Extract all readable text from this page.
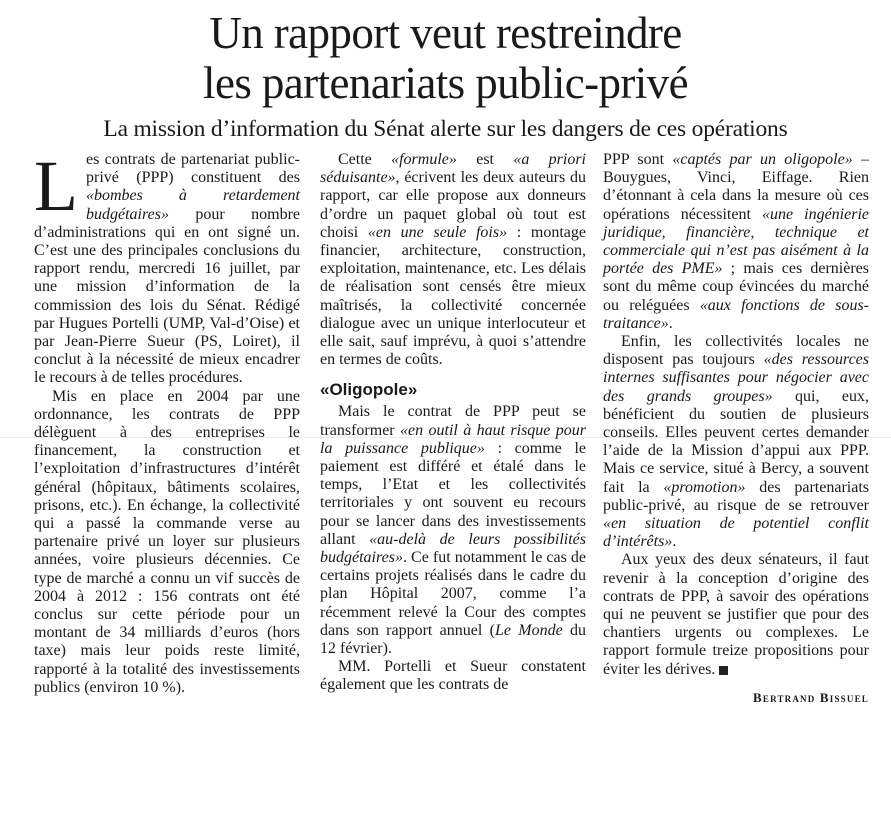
Un rapport veut restreindre
les partenariats public-privé
La mission d’information du Sénat alerte sur les dangers de ces opérations

Les contrats de partenariat public-privé (PPP) constituent des «bombes à retardement budgétaires» pour nombre d’administrations qui en ont signé un. C’est une des principales conclusions du rapport rendu, mercredi 16 juillet, par une mission d’information de la commission des lois du Sénat. Rédigé par Hugues Portelli (UMP, Val-d’Oise) et par Jean-Pierre Sueur (PS, Loiret), il conclut à la nécessité de mieux encadrer le recours à de telles procédures.

Mis en place en 2004 par une ordonnance, les contrats de PPP délèguent à des entreprises le financement, la construction et l’exploitation d’infrastructures d’intérêt général (hôpitaux, bâtiments scolaires, prisons, etc.). En échange, la collectivité qui a passé la commande verse au partenaire privé un loyer sur plusieurs années, voire plusieurs décennies. Ce type de marché a connu un vif succès de 2004 à 2012 : 156 contrats ont été conclus sur cette période pour un montant de 34 milliards d’euros (hors taxe) mais leur poids reste limité, rapporté à la totalité des investissements publics (environ 10 %).

Cette «formule» est «a priori séduisante», écrivent les deux auteurs du rapport, car elle propose aux donneurs d’ordre un paquet global où tout est choisi «en une seule fois» : montage financier, architecture, construction, exploitation, maintenance, etc. Les délais de réalisation sont censés être mieux maîtrisés, la collectivité concernée dialogue avec un unique interlocuteur et elle sait, sauf imprévu, à quoi s’attendre en termes de coûts.

«Oligopole»

Mais le contrat de PPP peut se transformer «en outil à haut risque pour la puissance publique» : comme le paiement est différé et étalé dans le temps, l’Etat et les collectivités territoriales y ont souvent eu recours pour se lancer dans des investissements allant «au-delà de leurs possibilités budgétaires». Ce fut notamment le cas de certains projets réalisés dans le cadre du plan Hôpital 2007, comme l’a récemment relevé la Cour des comptes dans son rapport annuel (Le Monde du 12 février).

MM. Portelli et Sueur constatent également que les contrats de

PPP sont «captés par un oligopole» – Bouygues, Vinci, Eiffage. Rien d’étonnant à cela dans la mesure où ces opérations nécessitent «une ingénierie juridique, financière, technique et commerciale qui n’est pas aisément à la portée des PME» ; mais ces dernières sont du même coup évincées du marché ou reléguées «aux fonctions de sous-traitance».

Enfin, les collectivités locales ne disposent pas toujours «des ressources internes suffisantes pour négocier avec des grands groupes» qui, eux, bénéficient du soutien de plusieurs conseils. Elles peuvent certes demander l’aide de la Mission d’appui aux PPP. Mais ce service, situé à Bercy, a souvent fait la «promotion» des partenariats public-privé, au risque de se retrouver «en situation de potentiel conflit d’intérêts».

Aux yeux des deux sénateurs, il faut revenir à la conception d’origine des contrats de PPP, à savoir des opérations qui ne peuvent se justifier que pour des chantiers urgents ou complexes. Le rapport formule treize propositions pour éviter les dérives.

Bertrand Bissuel
